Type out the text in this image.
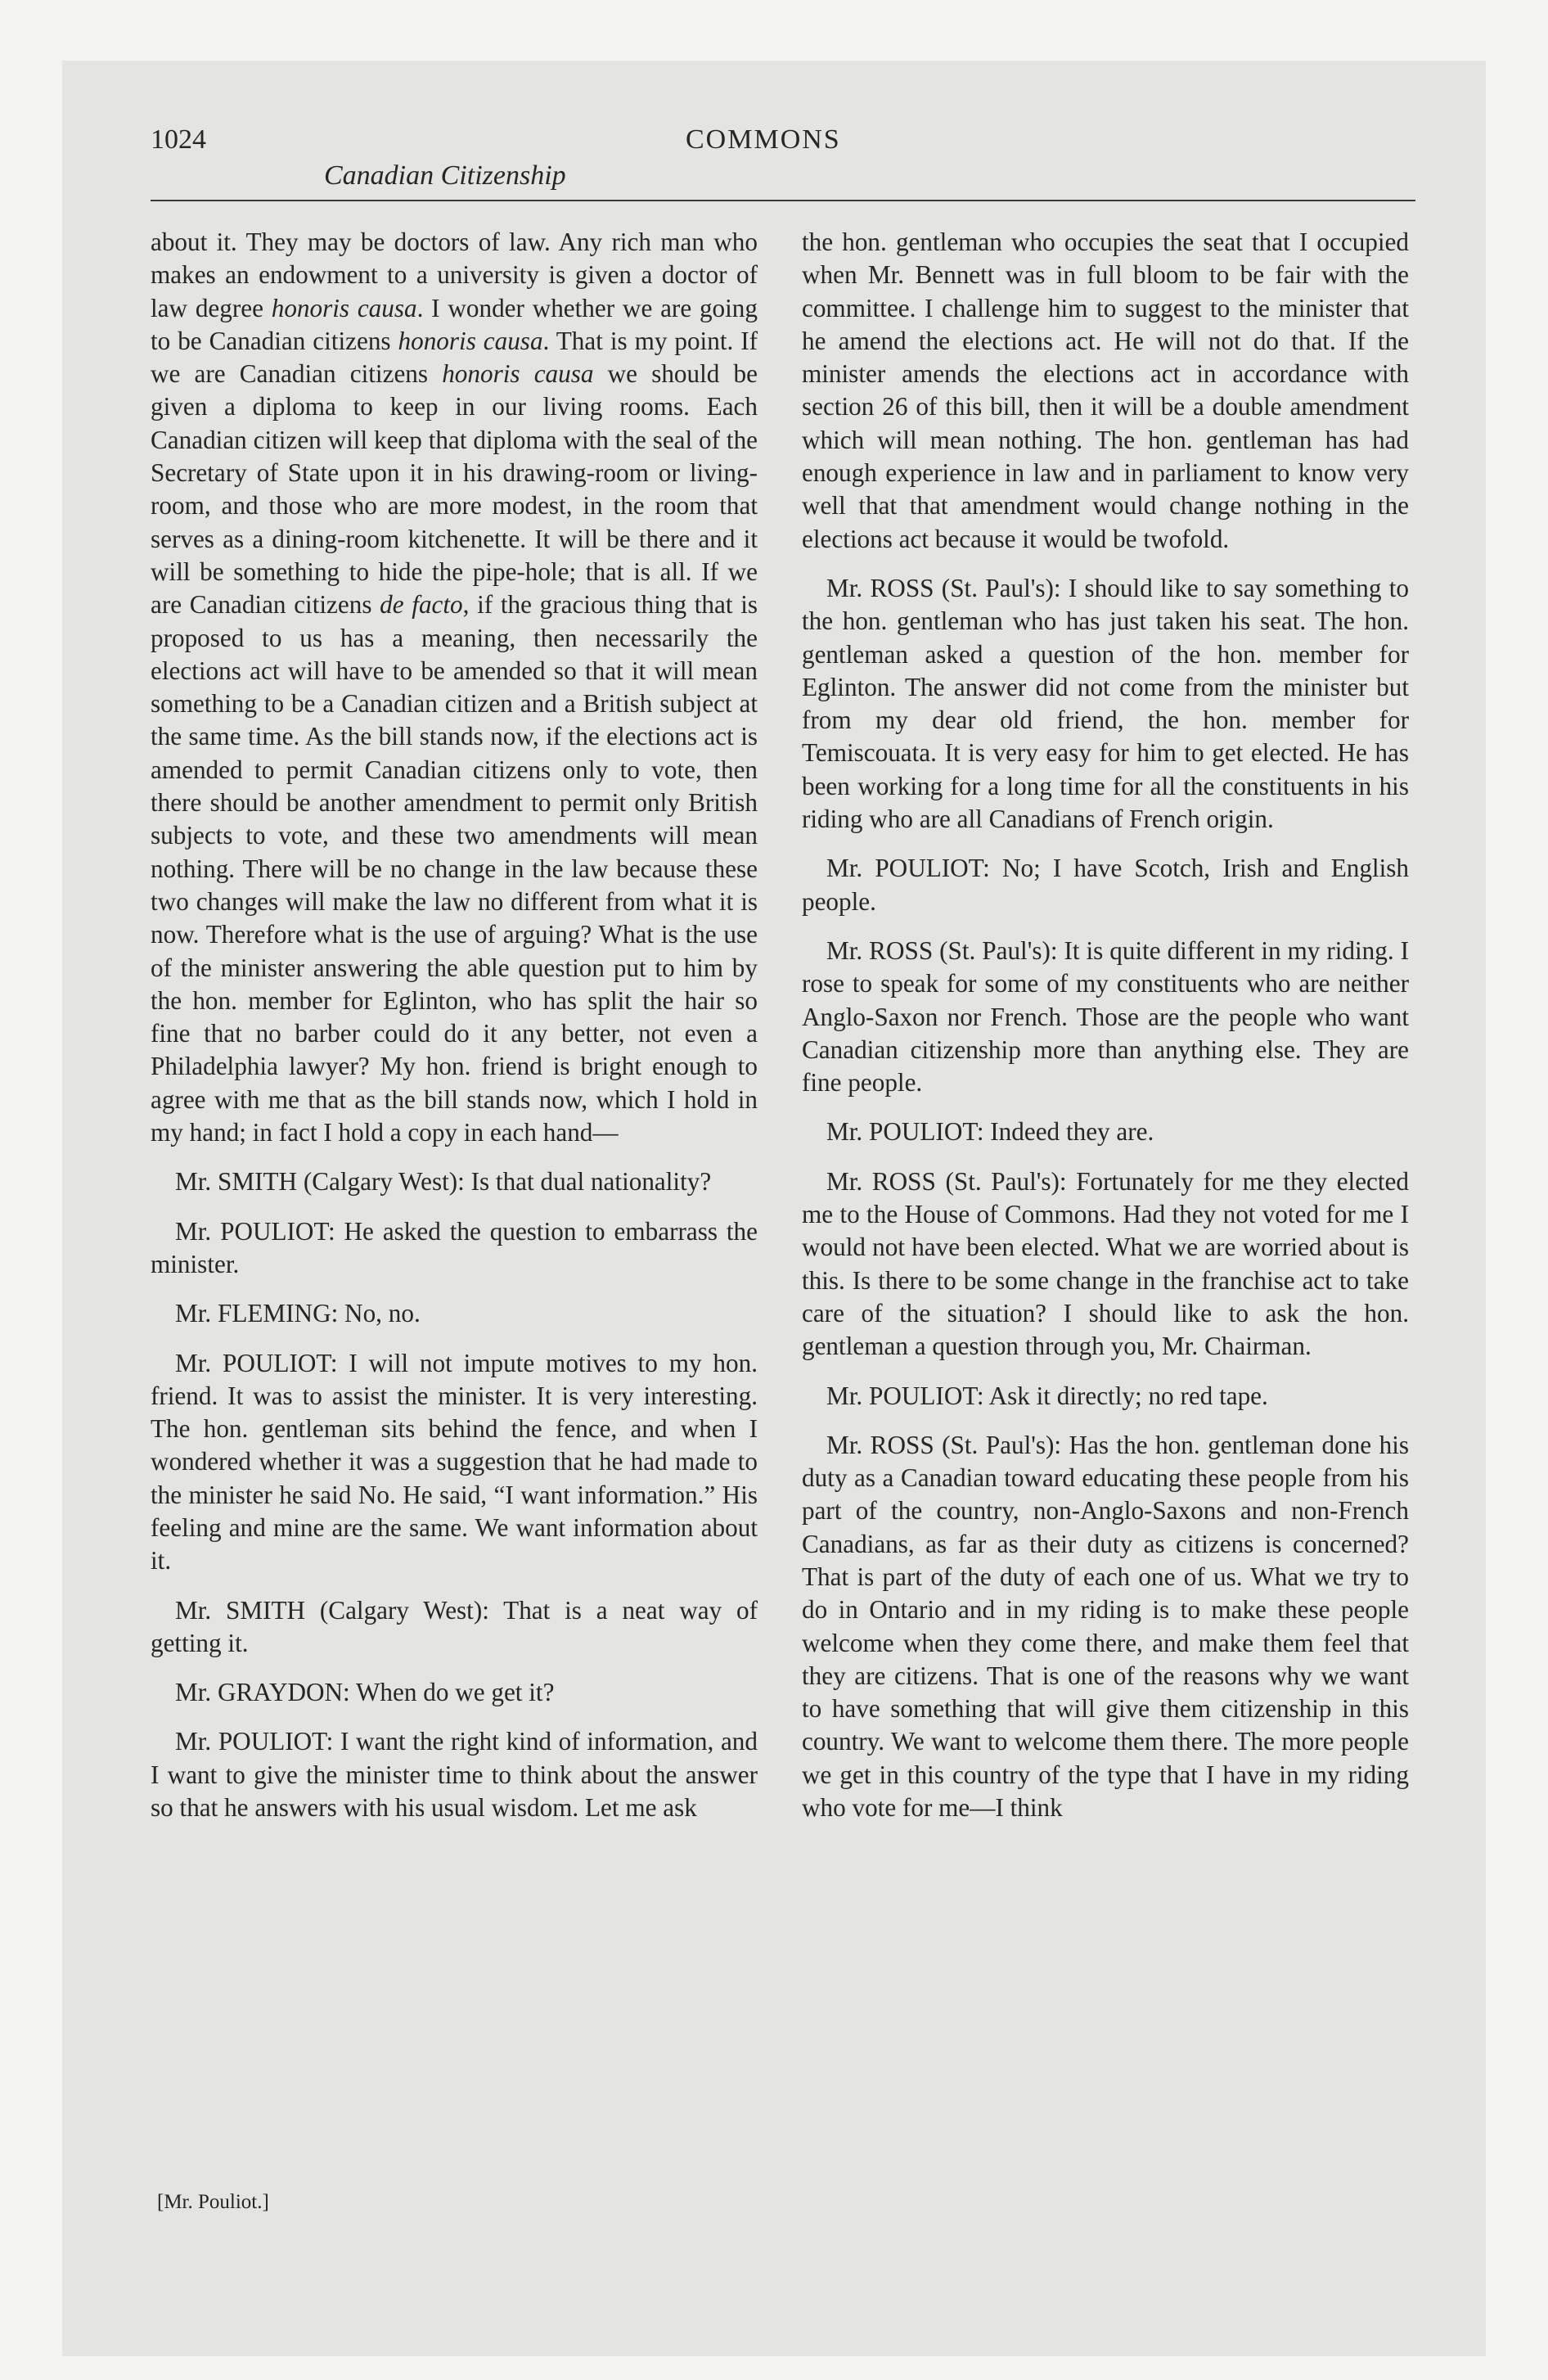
1024	COMMONS
Canadian Citizenship

about it. They may be doctors of law. Any rich man who makes an endowment to a university is given a doctor of law degree honoris causa. I wonder whether we are going to be Canadian citizens honoris causa. That is my point. If we are Canadian citizens honoris causa we should be given a diploma to keep in our living rooms. Each Canadian citizen will keep that diploma with the seal of the Secretary of State upon it in his drawing-room or living-room, and those who are more modest, in the room that serves as a dining-room kitchenette. It will be there and it will be something to hide the pipe-hole; that is all. If we are Canadian citizens de facto, if the gracious thing that is proposed to us has a meaning, then necessarily the elections act will have to be amended so that it will mean something to be a Canadian citizen and a British subject at the same time. As the bill stands now, if the elections act is amended to permit Canadian citizens only to vote, then there should be another amendment to permit only British subjects to vote, and these two amendments will mean nothing. There will be no change in the law because these two changes will make the law no different from what it is now. Therefore what is the use of arguing? What is the use of the minister answering the able question put to him by the hon. member for Eglinton, who has split the hair so fine that no barber could do it any better, not even a Philadelphia lawyer? My hon. friend is bright enough to agree with me that as the bill stands now, which I hold in my hand; in fact I hold a copy in each hand—

Mr. SMITH (Calgary West): Is that dual nationality?

Mr. POULIOT: He asked the question to embarrass the minister.

Mr. FLEMING: No, no.

Mr. POULIOT: I will not impute motives to my hon. friend. It was to assist the minister. It is very interesting. The hon. gentleman sits behind the fence, and when I wondered whether it was a suggestion that he had made to the minister he said No. He said, “I want information.” His feeling and mine are the same. We want information about it.

Mr. SMITH (Calgary West): That is a neat way of getting it.

Mr. GRAYDON: When do we get it?

Mr. POULIOT: I want the right kind of information, and I want to give the minister time to think about the answer so that he answers with his usual wisdom. Let me ask

the hon. gentleman who occupies the seat that I occupied when Mr. Bennett was in full bloom to be fair with the committee. I challenge him to suggest to the minister that he amend the elections act. He will not do that. If the minister amends the elections act in accordance with section 26 of this bill, then it will be a double amendment which will mean nothing. The hon. gentleman has had enough experience in law and in parliament to know very well that that amendment would change nothing in the elections act because it would be twofold.

Mr. ROSS (St. Paul's): I should like to say something to the hon. gentleman who has just taken his seat. The hon. gentleman asked a question of the hon. member for Eglinton. The answer did not come from the minister but from my dear old friend, the hon. member for Temiscouata. It is very easy for him to get elected. He has been working for a long time for all the constituents in his riding who are all Canadians of French origin.

Mr. POULIOT: No; I have Scotch, Irish and English people.

Mr. ROSS (St. Paul's): It is quite different in my riding. I rose to speak for some of my constituents who are neither Anglo-Saxon nor French. Those are the people who want Canadian citizenship more than anything else. They are fine people.

Mr. POULIOT: Indeed they are.

Mr. ROSS (St. Paul's): Fortunately for me they elected me to the House of Commons. Had they not voted for me I would not have been elected. What we are worried about is this. Is there to be some change in the franchise act to take care of the situation? I should like to ask the hon. gentleman a question through you, Mr. Chairman.

Mr. POULIOT: Ask it directly; no red tape.

Mr. ROSS (St. Paul's): Has the hon. gentleman done his duty as a Canadian toward educating these people from his part of the country, non-Anglo-Saxons and non-French Canadians, as far as their duty as citizens is concerned? That is part of the duty of each one of us. What we try to do in Ontario and in my riding is to make these people welcome when they come there, and make them feel that they are citizens. That is one of the reasons why we want to have something that will give them citizenship in this country. We want to welcome them there. The more people we get in this country of the type that I have in my riding who vote for me—I think

[Mr. Pouliot.]
